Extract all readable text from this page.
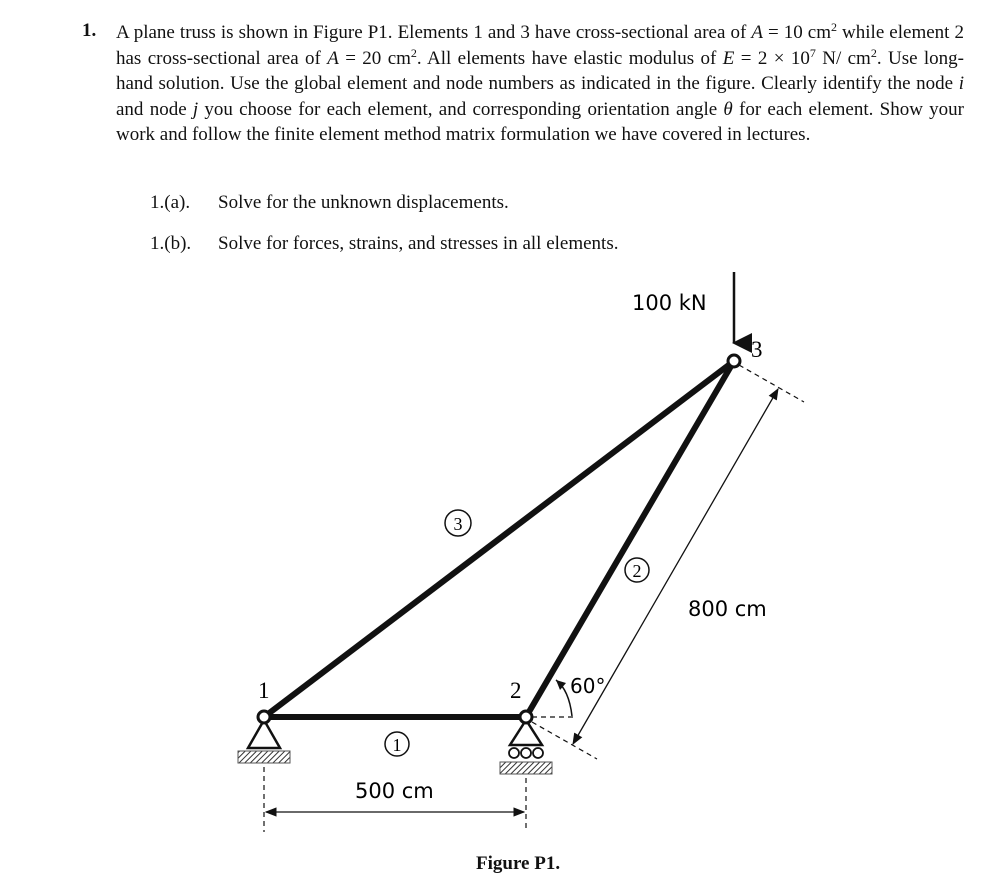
1. A plane truss is shown in Figure P1. Elements 1 and 3 have cross-sectional area of A = 10 $cm^2$ while element 2 has cross-sectional area of A = 20 $cm^2$. All elements have elastic modulus of $E = 2 \times 10^7$ N/ $cm^2$. Use long-hand solution. Use the global element and node numbers as indicated in the figure. Clearly identify the node i and node j you choose for each element, and corresponding orientation angle θ for each element. Show your work and follow the finite element method matrix formulation we have covered in lectures.
1.(a). Solve for the unknown displacements.
1.(b). Solve for forces, strains, and stresses in all elements.
1	2
3
1
2
3
100 kN
60°
800 cm
500 cm
Figure P1.
